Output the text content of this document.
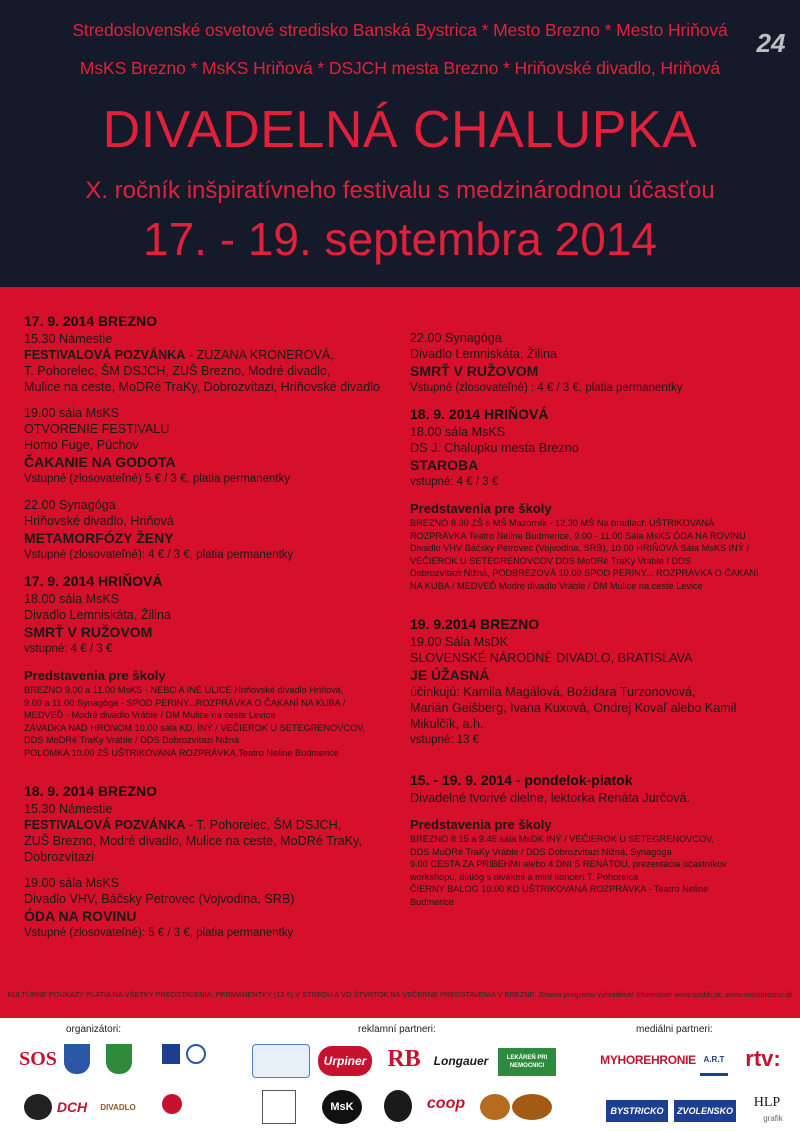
Stredoslovenské osvetové stredisko Banská Bystrica * Mesto Brezno * Mesto Hriňová
MsKS Brezno * MsKS Hriňová * DSJCH mesta Brezno * Hriňovské divadlo, Hriňová
24
DIVADELNÁ CHALUPKA
X. ročník inšpiratívneho festivalu s medzinárodnou účasťou
17. - 19. septembra 2014
17. 9. 2014 BREZNO
15.30 Námestie
FESTIVALOVÁ POZVÁNKA - ZUZANA KRONEROVÁ,
T. Pohorelec, ŠM DSJCH, ZUŠ Brezno, Modré divadlo,
Mulice na ceste, MoDRé TraKy, Dobrozvítazi, Hriňovské divadlo
19.00 sála MsKS
OTVORENIE FESTIVALU
Homo Fuge, Púchov
ČAKANIE NA GODOTA
Vstupné (zlosovateľné) 5 € / 3 €, platia permanentky
22.00 Synagóga
Hriňovské divadlo, Hriňová
METAMORFÓZY ŽENY
Vstupné (zlosovateľné): 4 € / 3 €, platia permanentky
17. 9. 2014 HRIŇOVÁ
18.00 sála MsKS
Divadlo Lemniskáta, Žilina
SMRŤ V RUŽOVOM
vstupné: 4 € / 3 €
Predstavenia pre školy
BREZNO 9.00 a 11.00 MsKS - NEBO A INÉ ULICE Hriňovské divadlo Hriňová,
9.00 a 11.00 Synagóga - SPOD PERINY...ROZPRÁVKA O ČAKANÍ NA KUBA /
MEDVEĎ - Modré divadlo Vráble / DM Mulice na ceste Levice
ZÁVADKA NAD HRONOM 10.00 sála KD, INÝ / VEČIEROK U SETEGRENOVCOV,
DDS MoDRé TraKy Vráble / DDS Dobrozvítazi Nižná
POLOMKA 10.00 ZŠ UŠTRIKOVANÁ ROZPRÁVKA,Teatro Neline Budmerice
18. 9. 2014 BREZNO
15.30 Námestie
FESTIVALOVÁ POZVÁNKA - T. Pohorelec, ŠM DSJCH,
ZUŠ Brezno, Modré divadlo, Mulice na ceste, MoDRé TraKy,
Dobrozvítazi
19.00 sála MsKS
Divadlo VHV, Báčsky Petrovec (Vojvodina, SRB)
ÓDA NA ROVINU
Vstupné (zlosovateľné): 5 € / 3 €, platia permanentky
22.00 Synagóga
Divadlo Lemniskáta, Žilina
SMRŤ V RUŽOVOM
Vstupné (zlosovateľné) : 4 € / 3 €, platia permanentky
18. 9. 2014 HRIŇOVÁ
18.00 sála MsKS
DS J. Chalupku mesta Brezno
STAROBA
vstupné: 4 € / 3 €
Predstavenia pre školy
BREZNO 8.30 ZŠ s MŠ Mazorník - 12.30 MŠ Na bradlách UŠTRIKOVANÁ
ROZPRÁVKA Teatro Neline Budmerice, 9.00 - 11.00 Sála MsKS ÓDA NA ROVINU
Divadlo VHV Báčsky Petrovec (Vojvodina, SRB), 10.00 HRIŇOVÁ Sála MsKS INÝ /
VEČIEROK U SETEGRENOVCOV DDS MoDRé TraKy Vráble / DDS
Dobrozvítazi Nižná, PODBREZOVÁ 10.00 SPOD PERINY... ROZPRÁVKA O ČAKANÍ
NA KUBA / MEDVEĎ Modré divadlo Vráble / DM Mulice na ceste Levice
19. 9.2014 BREZNO
19.00 Sála MsDK
SLOVENSKÉ NÁRODNÉ DIVADLO, BRATISLAVA
JE ÚŽASNÁ
účinkujú: Kamila Magálová, Božidara Turzonovová,
Marián Geišberg, Ivana Kuxová, Ondrej Kovaľ alebo Kamil
Mikulčík, a.h.
vstupné: 13 €
15. - 19. 9. 2014 - pondelok-piatok
Divadelné tvorivé dielne, lektorka Renáta Jurčová.
Predstavenia pre školy
BREZNO 8.15 a 9.45 sála MsDK INÝ / VEČIEROK U SETEGRENOVCOV,
DDS MoDRé TraKy Vráble / DDS Dobrozvítazi Nižná, Synagóga
9.00 CESTA ZA PRÍBEHMI alebo 4 DNI S RENÁTOU, prezentácia účastníkov
workshopu, dialóg s divákmi a mini koncert T. Pohorelca
ČIERNY BALOG 10.00 KD UŠTRIKOVANÁ ROZPRÁVKA - Teatro Neline
Budmerice
KULTÚRNE POUKAZY PLATIA NA VŠETKY PREDSTAVENIA, PERMANENTKY (12 €) V STREDU A VO ŠTVRTOK NA VEČERNÉ PREDSTAVENIA V BREZNE. Zmena programu vyhradená! Informácie: www.sosbb.sk, www.msksbrezno.sk
organizátori:	reklamní partneri:	mediálni partneri:
SOS
DCH DIVADLO
Urpiner RB	Longauer	LEKÁREŇ PRI NEMOCNICI
MsK	coop
MYHOREHRONIE A.R.T rtv:
BYSTRICKO	ZVOLENSKO
HLP
grafik
